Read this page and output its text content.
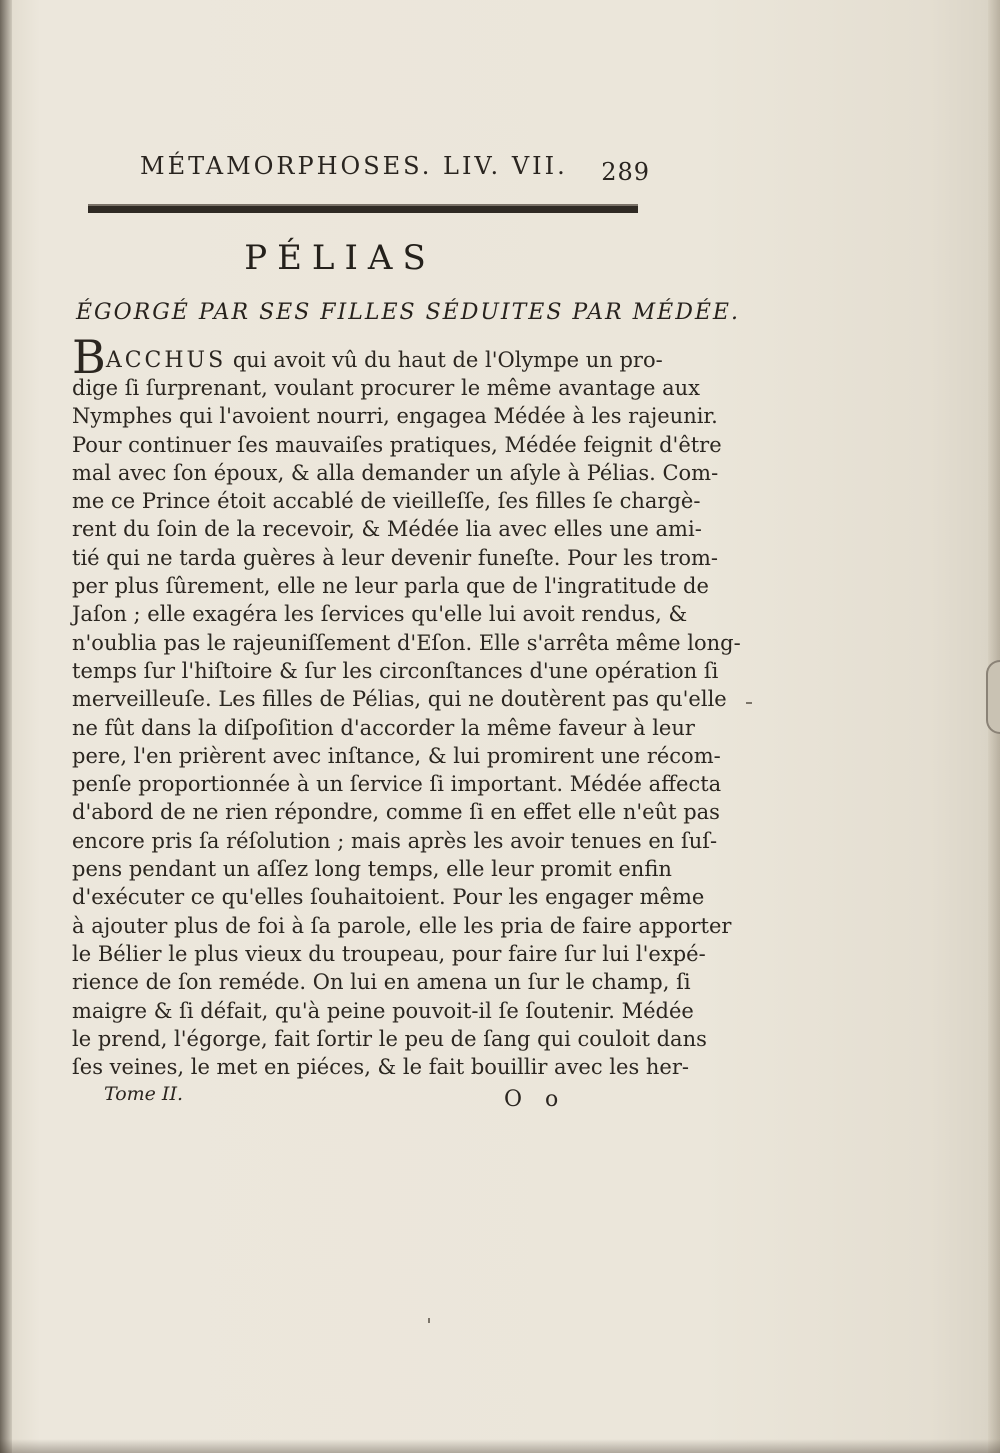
MÉTAMORPHOSES. LIV. VII. 289
PÉLIAS
ÉGORGÉ PAR SES FILLES SÉDUITES PAR MÉDÉE.
BACCHUS qui avoit vû du haut de l'Olympe un pro-
dige ſi ſurprenant, voulant procurer le même avantage aux
Nymphes qui l'avoient nourri, engagea Médée à les rajeunir.
Pour continuer ſes mauvaiſes pratiques, Médée feignit d'être
mal avec ſon époux, & alla demander un aſyle à Pélias. Com-
me ce Prince étoit accablé de vieilleſſe, ſes filles ſe chargè-
rent du ſoin de la recevoir, & Médée lia avec elles une ami-
tié qui ne tarda guères à leur devenir funeſte. Pour les trom-
per plus ſûrement, elle ne leur parla que de l'ingratitude de
Jaſon ; elle exagéra les ſervices qu'elle lui avoit rendus, &
n'oublia pas le rajeuniſſement d'Eſon. Elle s'arrêta même long-
temps ſur l'hiſtoire & ſur les circonſtances d'une opération ſi
merveilleuſe. Les filles de Pélias, qui ne doutèrent pas qu'elle
ne fût dans la diſpoſition d'accorder la même faveur à leur
pere, l'en prièrent avec inſtance, & lui promirent une récom-
penſe proportionnée à un ſervice ſi important. Médée affecta
d'abord de ne rien répondre, comme ſi en effet elle n'eût pas
encore pris ſa réſolution ; mais après les avoir tenues en ſuſ-
pens pendant un aſſez long temps, elle leur promit enfin
d'exécuter ce qu'elles ſouhaitoient. Pour les engager même
à ajouter plus de foi à ſa parole, elle les pria de faire apporter
le Bélier le plus vieux du troupeau, pour faire ſur lui l'expé-
rience de ſon reméde. On lui en amena un ſur le champ, ſi
maigre & ſi défait, qu'à peine pouvoit-il ſe ſoutenir. Médée
le prend, l'égorge, fait ſortir le peu de ſang qui couloit dans
ſes veines, le met en piéces, & le fait bouillir avec les her-
Tome II.	O o
